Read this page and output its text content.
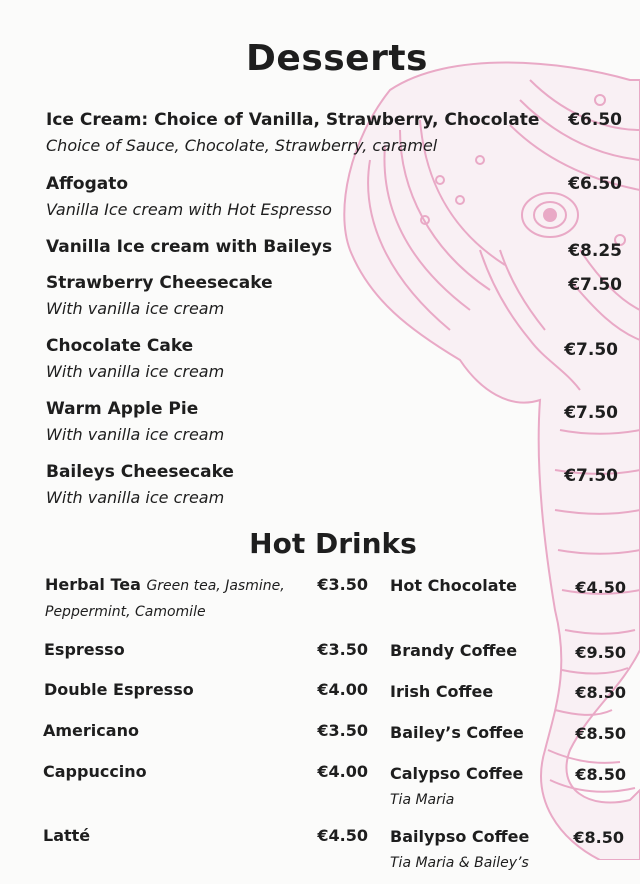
Desserts
Ice Cream: Choice of Vanilla, Strawberry, Chocolate
Choice of Sauce, Chocolate, Strawberry, caramel
€6.50
Affogato
Vanilla Ice cream with Hot Espresso
€6.50
Vanilla Ice cream with Baileys	€8.25
Strawberry Cheesecake
With vanilla ice cream
€7.50
Chocolate Cake
With vanilla ice cream
€7.50
Warm Apple Pie
With vanilla ice cream
€7.50
Baileys Cheesecake
With vanilla ice cream
€7.50
Hot Drinks
Herbal Tea Green tea, Jasmine,
Peppermint, Camomile
€3.50
Espresso	€3.50
Double Espresso	€4.00
Americano	€3.50
Cappuccino	€4.00
Latté	€4.50
Hot Chocolate	€4.50
Brandy Coffee	€9.50
Irish Coffee	€8.50
Bailey’s Coffee	€8.50
Calypso Coffee
Tia Maria
€8.50
Bailypso Coffee
Tia Maria & Bailey’s
€8.50
